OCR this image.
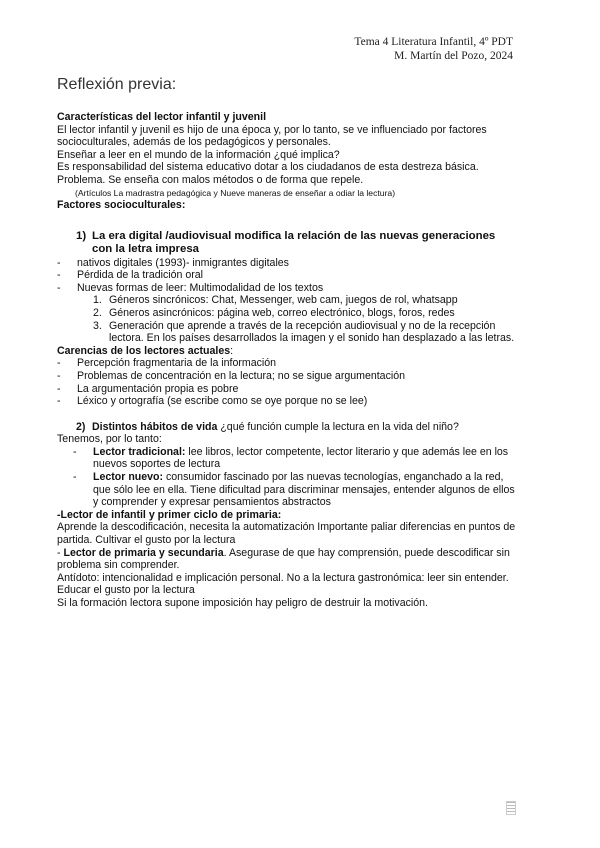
Tema 4 Literatura Infantil, 4º PDT
M. Martín del Pozo, 2024
Reflexión previa:

Características del lector infantil y juvenil

El lector infantil y juvenil es hijo de una época y, por lo tanto, se ve influenciado por factores socioculturales, además de los pedagógicos y personales.

Enseñar a leer en el mundo de la información ¿qué implica?

Es responsabilidad del sistema educativo dotar a los ciudadanos de esta destreza básica. Problema. Se enseña con malos métodos o de forma que repele.

(Artículos La madrastra pedagógica y Nueve maneras de enseñar a odiar la lectura)

Factores socioculturales:

1) La era digital /audiovisual modifica la relación de las nuevas generaciones con la letra impresa
-	nativos digitales (1993)- inmigrantes digitales
-	Pérdida de la tradición oral
-	Nuevas formas de leer: Multimodalidad de los textos
1. Géneros sincrónicos: Chat, Messenger, web cam, juegos de rol, whatsapp
2. Géneros asincrónicos: página web, correo electrónico, blogs, foros, redes
3. Generación que aprende a través de la recepción audiovisual y no de la recepción lectora. En los países desarrollados la imagen y el sonido han desplazado a las letras.

Carencias de los lectores actuales:

-	Percepción fragmentaria de la información
-	Problemas de concentración en la lectura; no se sigue argumentación
-	La argumentación propia es pobre
-	Léxico y ortografía (se escribe como se oye porque no se lee)
2) Distintos hábitos de vida ¿qué función cumple la lectura en la vida del niño?

Tenemos, por lo tanto:

-	Lector tradicional: lee libros, lector competente, lector literario y que además lee en los nuevos soportes de lectura
-	Lector nuevo: consumidor fascinado por las nuevas tecnologías, enganchado a la red, que sólo lee en ella. Tiene dificultad para discriminar mensajes, entender algunos de ellos y comprender y expresar pensamientos abstractos

-Lector de infantil y primer ciclo de primaria:

Aprende la descodificación, necesita la automatización Importante paliar diferencias en puntos de partida. Cultivar el gusto por la lectura

- Lector de primaria y secundaria. Asegurase de que hay comprensión, puede descodificar sin problema sin comprender.

Antídoto: intencionalidad e implicación personal. No a la lectura gastronómica: leer sin entender. Educar el gusto por la lectura

Si la formación lectora supone imposición hay peligro de destruir la motivación.
